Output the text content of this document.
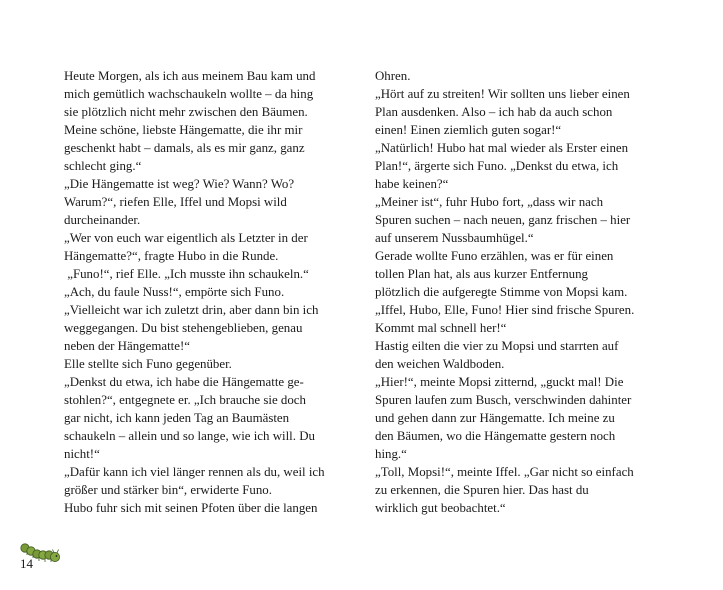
Heute Morgen, als ich aus meinem Bau kam und
mich gemütlich wachschaukeln wollte – da hing
sie plötzlich nicht mehr zwischen den Bäumen.
Meine schöne, liebste Hängematte, die ihr mir
geschenkt habt – damals, als es mir ganz, ganz
schlecht ging.“
„Die Hängematte ist weg? Wie? Wann? Wo?
Warum?“, riefen Elle, Iffel und Mopsi wild
durcheinander.
„Wer von euch war eigentlich als Letzter in der
Hängematte?“, fragte Hubo in die Runde.
„Funo!“, rief Elle. „Ich musste ihn schaukeln.“
„Ach, du faule Nuss!“, empörte sich Funo.
„Vielleicht war ich zuletzt drin, aber dann bin ich
weggegangen. Du bist stehengeblieben, genau
neben der Hängematte!“
Elle stellte sich Funo gegenüber.
„Denkst du etwa, ich habe die Hängematte ge-
stohlen?“, entgegnete er. „Ich brauche sie doch
gar nicht, ich kann jeden Tag an Baumästen
schaukeln – allein und so lange, wie ich will. Du
nicht!“
„Dafür kann ich viel länger rennen als du, weil ich
größer und stärker bin“, erwiderte Funo.
Hubo fuhr sich mit seinen Pfoten über die langen
Ohren.
„Hört auf zu streiten! Wir sollten uns lieber einen
Plan ausdenken. Also – ich hab da auch schon
einen! Einen ziemlich guten sogar!“
„Natürlich! Hubo hat mal wieder als Erster einen
Plan!“, ärgerte sich Funo. „Denkst du etwa, ich
habe keinen?“
„Meiner ist“, fuhr Hubo fort, „dass wir nach
Spuren suchen – nach neuen, ganz frischen – hier
auf unserem Nussbaumhügel.“
Gerade wollte Funo erzählen, was er für einen
tollen Plan hat, als aus kurzer Entfernung
plötzlich die aufgeregte Stimme von Mopsi kam.
„Iffel, Hubo, Elle, Funo! Hier sind frische Spuren.
Kommt mal schnell her!“
Hastig eilten die vier zu Mopsi und starrten auf
den weichen Waldboden.
„Hier!“, meinte Mopsi zitternd, „guckt mal! Die
Spuren laufen zum Busch, verschwinden dahinter
und gehen dann zur Hängematte. Ich meine zu
den Bäumen, wo die Hängematte gestern noch
hing.“
„Toll, Mopsi!“, meinte Iffel. „Gar nicht so einfach
zu erkennen, die Spuren hier. Das hast du
wirklich gut beobachtet.“
14
